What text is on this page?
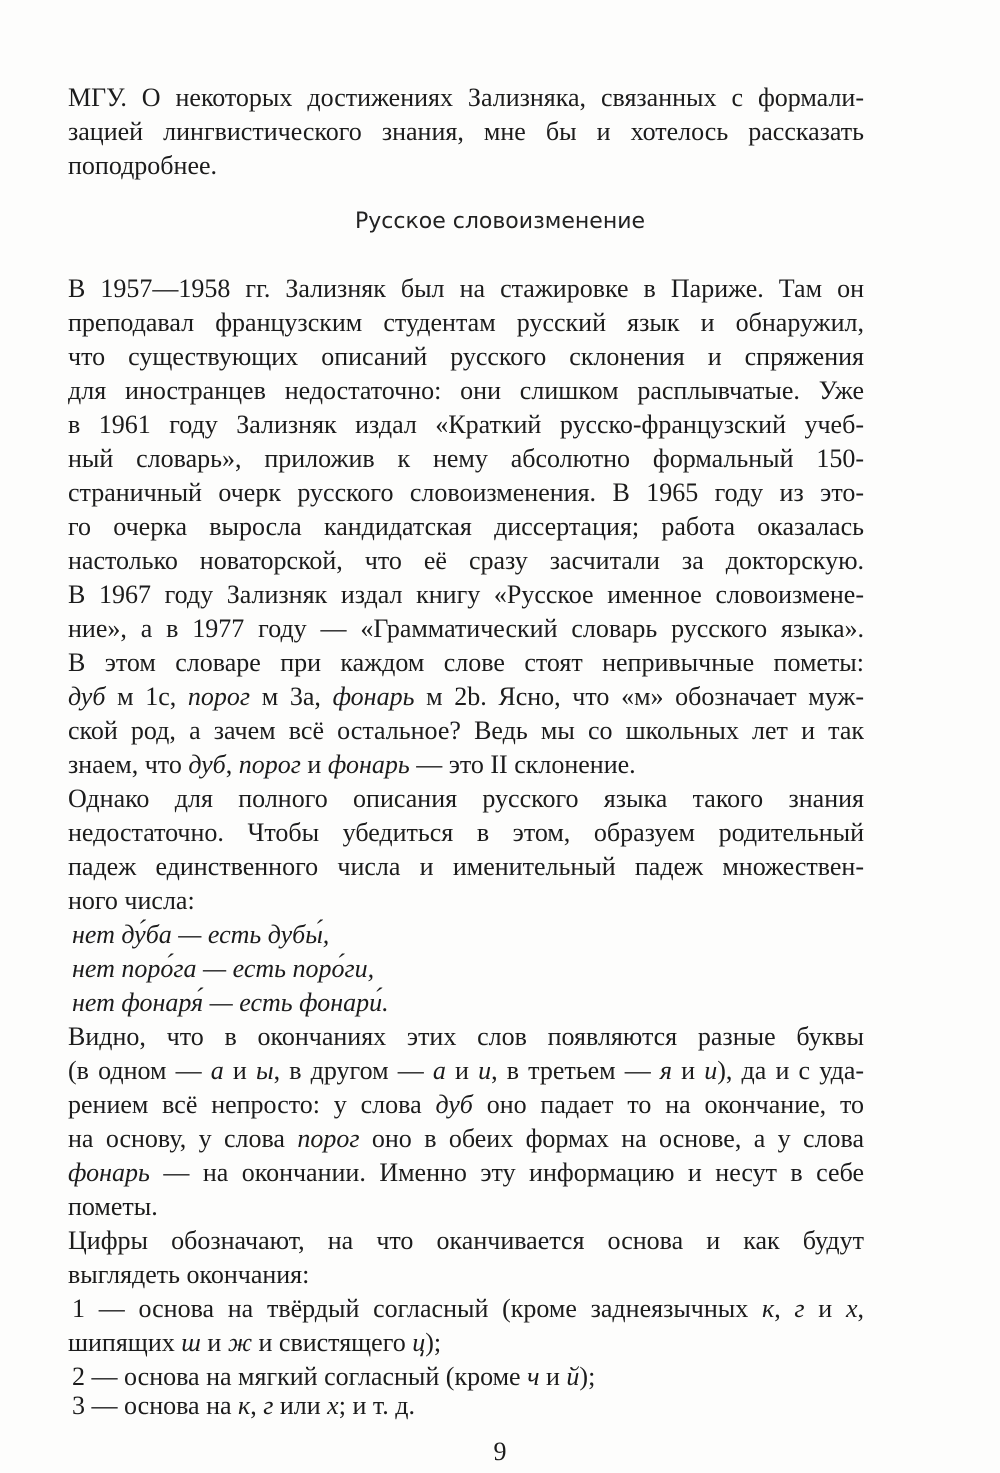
МГУ. О некоторых достижениях Зализняка, связанных с формали-
зацией лингвистического знания, мне бы и хотелось рассказать
поподробнее.
Русское словоизменение
В 1957—1958 гг. Зализняк был на стажировке в Париже. Там он
преподавал французским студентам русский язык и обнаружил,
что существующих описаний русского склонения и спряжения
для иностранцев недостаточно: они слишком расплывчатые. Уже
в 1961 году Зализняк издал «Краткий русско-французский учеб-
ный словарь», приложив к нему абсолютно формальный 150-
страничный очерк русского словоизменения. В 1965 году из это-
го очерка выросла кандидатская диссертация; работа оказалась
настолько новаторской, что её сразу засчитали за докторскую.
В 1967 году Зализняк издал книгу «Русское именное словоизмене-
ние», а в 1977 году — «Грамматический словарь русского языка».
В этом словаре при каждом слове стоят непривычные пометы:
дуб м 1с, порог м 3а, фонарь м 2b. Ясно, что «м» обозначает муж-
ской род, а зачем всё остальное? Ведь мы со школьных лет и так
знаем, что дуб, порог и фонарь — это II склонение.
Однако для полного описания русского языка такого знания
недостаточно. Чтобы убедиться в этом, образуем родительный
падеж единственного числа и именительный падеж множествен-
ного числа:
нет ду́ба — есть дубы́,
нет поро́га — есть поро́ги,
нет фонаря́ — есть фонари́.
Видно, что в окончаниях этих слов появляются разные буквы
(в одном — а и ы, в другом — а и и, в третьем — я и и), да и с уда-
рением всё непросто: у слова дуб оно падает то на окончание, то
на основу, у слова порог оно в обеих формах на основе, а у слова
фонарь — на окончании. Именно эту информацию и несут в себе
пометы.
Цифры обозначают, на что оканчивается основа и как будут
выглядеть окончания:
1 — основа на твёрдый согласный (кроме заднеязычных к, г и х,
шипящих ш и ж и свистящего ц);
2 — основа на мягкий согласный (кроме ч и й);
3 — основа на к, г или х; и т. д.
9
